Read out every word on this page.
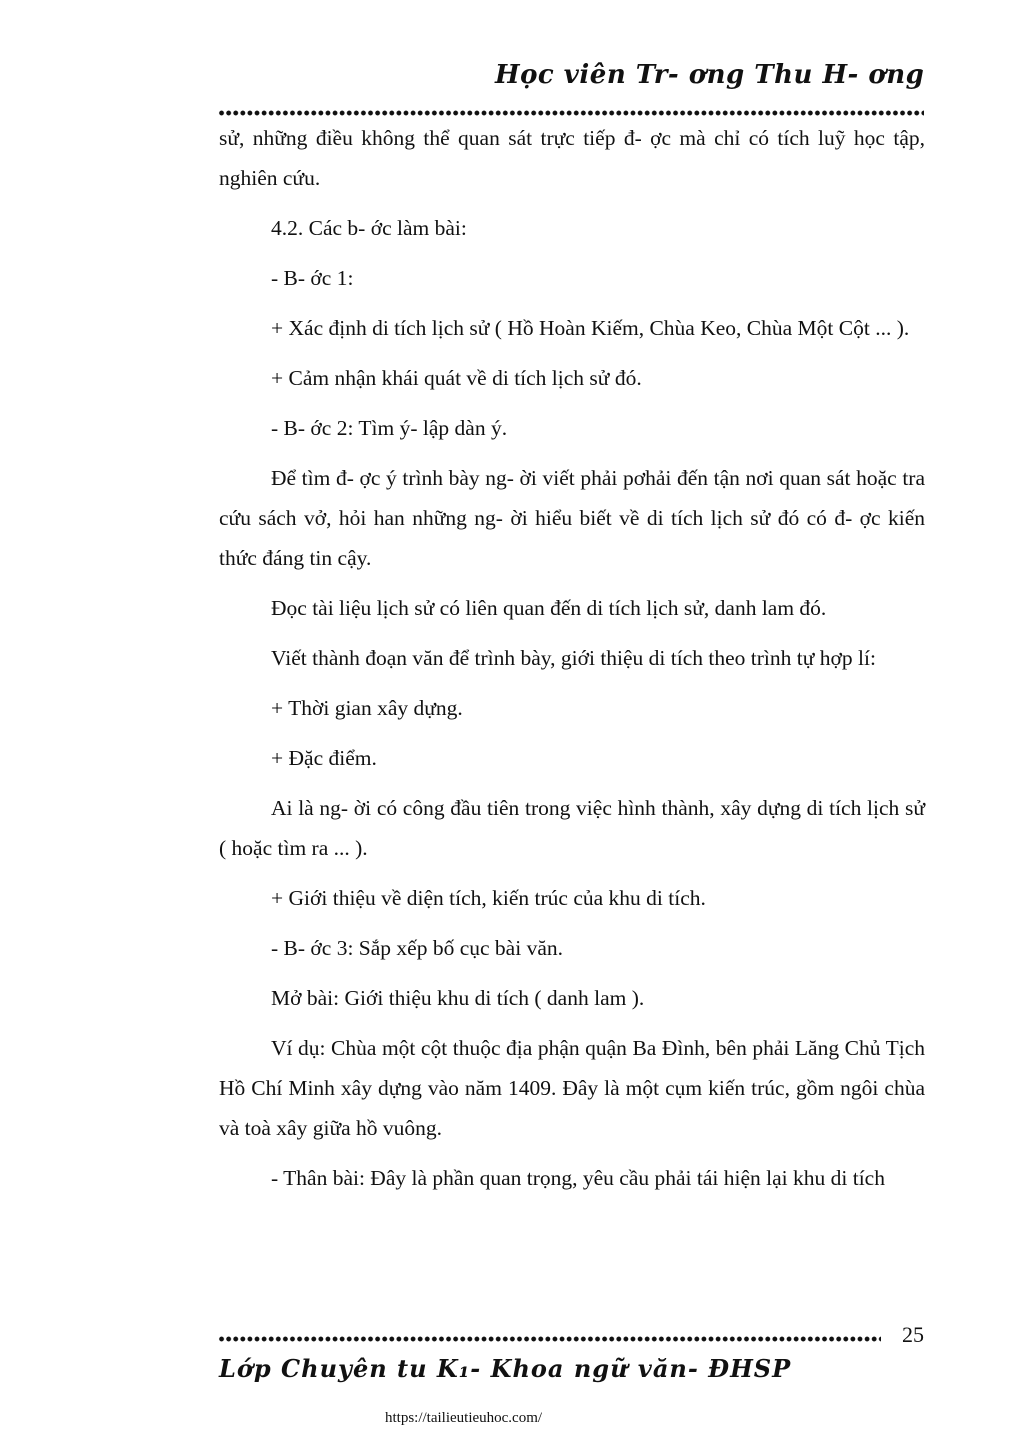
Học viên Tr- ơng Thu H- ơng

sử, những điều không thể quan sát trực tiếp đ- ợc mà chỉ có tích luỹ học tập, nghiên cứu.

4.2. Các b- ớc làm bài:

- B- ớc 1:

+ Xác định di tích lịch sử ( Hồ Hoàn Kiếm, Chùa Keo, Chùa Một Cột ... ).

+ Cảm nhận khái quát về di tích lịch sử đó.

- B- ớc 2: Tìm ý- lập dàn ý.

Để tìm đ- ợc ý trình bày ng- ời viết phải pơhải đến tận nơi quan sát hoặc tra cứu sách vở, hỏi han những ng- ời hiểu biết về di tích lịch sử đó có đ- ợc kiến thức đáng tin cậy.

Đọc tài liệu lịch sử có liên quan đến di tích lịch sử, danh lam đó.

Viết thành đoạn văn để trình bày, giới thiệu di tích theo trình tự hợp lí:

+ Thời gian xây dựng.

+ Đặc điểm.

Ai là ng- ời có công đầu tiên trong việc hình thành, xây dựng di tích lịch sử ( hoặc tìm ra ... ).

+ Giới thiệu về diện tích, kiến trúc của khu di tích.

- B- ớc 3: Sắp xếp bố cục bài văn.

Mở bài: Giới thiệu khu di tích ( danh lam ).

Ví dụ: Chùa một cột thuộc địa phận quận Ba Đình, bên phải Lăng Chủ Tịch Hồ Chí Minh xây dựng vào năm 1409. Đây là một cụm kiến trúc, gồm ngôi chùa và toà xây giữa hồ vuông.

- Thân bài: Đây là phần quan trọng, yêu cầu phải tái hiện lại khu di tích

25
Lớp Chuyên tu K₁- Khoa ngữ văn- ĐHSP
https://tailieutieuhoc.com/
